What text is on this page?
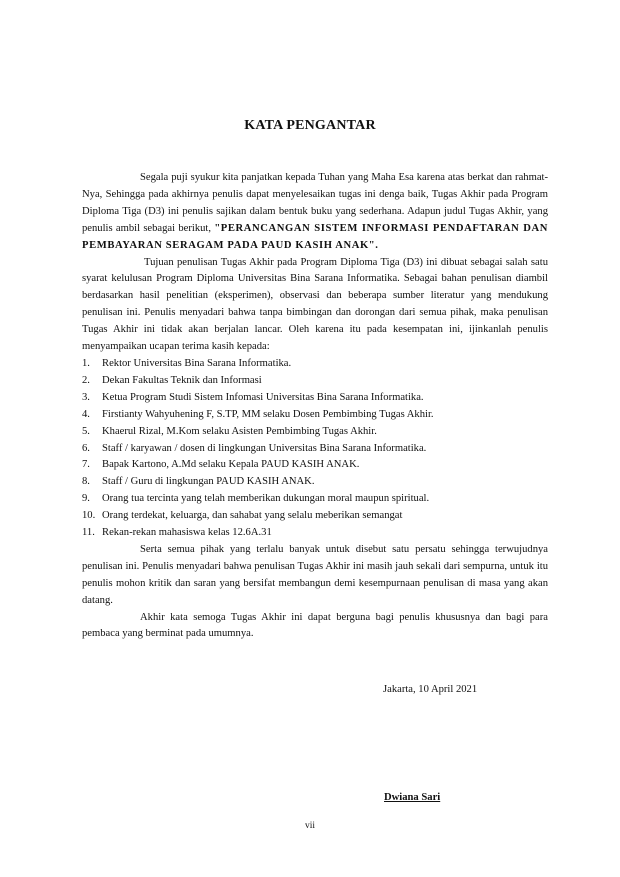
KATA PENGANTAR

Segala puji syukur kita panjatkan kepada Tuhan yang Maha Esa karena atas berkat dan rahmat-Nya, Sehingga pada akhirnya penulis dapat menyelesaikan tugas ini denga baik, Tugas Akhir pada Program Diploma Tiga (D3) ini penulis sajikan dalam bentuk buku yang sederhana. Adapun judul Tugas Akhir, yang penulis ambil sebagai berikut, "PERANCANGAN SISTEM INFORMASI PENDAFTARAN DAN PEMBAYARAN SERAGAM PADA PAUD KASIH ANAK".

Tujuan penulisan Tugas Akhir pada Program Diploma Tiga (D3) ini dibuat sebagai salah satu syarat kelulusan Program Diploma Universitas Bina Sarana Informatika. Sebagai bahan penulisan diambil berdasarkan hasil penelitian (eksperimen), observasi dan beberapa sumber literatur yang mendukung penulisan ini. Penulis menyadari bahwa tanpa bimbingan dan dorongan dari semua pihak, maka penulisan Tugas Akhir ini tidak akan berjalan lancar. Oleh karena itu pada kesempatan ini, ijinkanlah penulis menyampaikan ucapan terima kasih kepada:

1.	Rektor Universitas Bina Sarana Informatika.
2.	Dekan Fakultas Teknik dan Informasi
3.	Ketua Program Studi Sistem Infomasi Universitas Bina Sarana Informatika.
4.	Firstianty Wahyuhening F, S.TP, MM selaku Dosen Pembimbing Tugas Akhir.
5.	Khaerul Rizal, M.Kom selaku Asisten Pembimbing Tugas Akhir.
6.	Staff / karyawan / dosen di lingkungan Universitas Bina Sarana Informatika.
7.	Bapak Kartono, A.Md selaku Kepala PAUD KASIH ANAK.
8.	Staff / Guru di lingkungan PAUD KASIH ANAK.
9.	Orang tua tercinta yang telah memberikan dukungan moral maupun spiritual.
10. Orang terdekat, keluarga, dan sahabat yang selalu meberikan semangat
11. Rekan-rekan mahasiswa kelas 12.6A.31

Serta semua pihak yang terlalu banyak untuk disebut satu persatu sehingga terwujudnya penulisan ini. Penulis menyadari bahwa penulisan Tugas Akhir ini masih jauh sekali dari sempurna, untuk itu penulis mohon kritik dan saran yang bersifat membangun demi kesempurnaan penulisan di masa yang akan datang.

Akhir kata semoga Tugas Akhir ini dapat berguna bagi penulis khususnya dan bagi para pembaca yang berminat pada umumnya.

Jakarta, 10 April 2021
Dwiana Sari
vii
